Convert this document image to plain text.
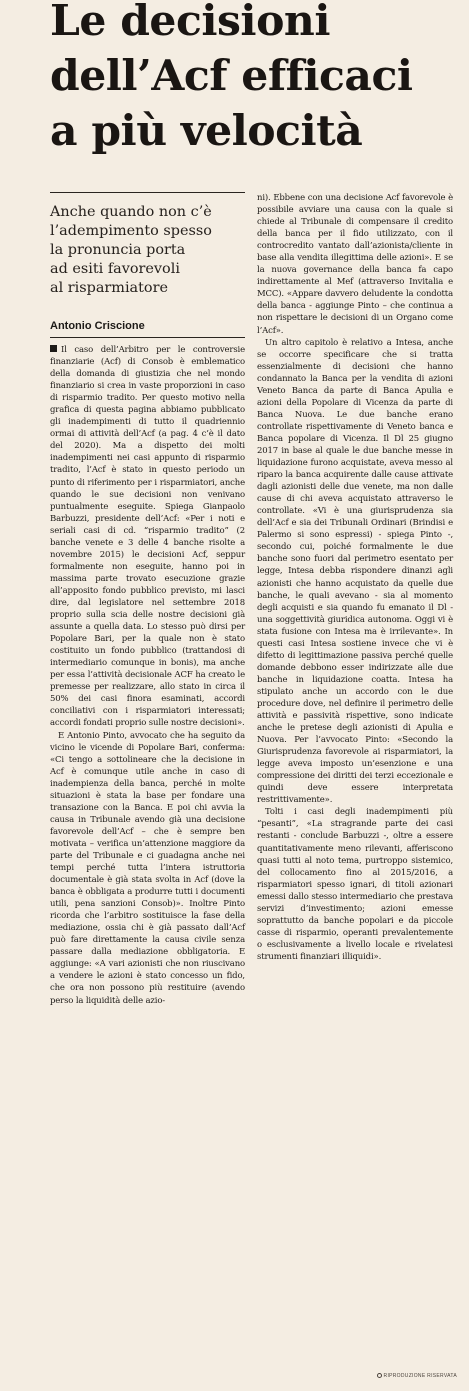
Le decisioni
dell’Acf efficaci
a più velocità
Anche quando non c’è
l’adempimento spesso
la pronuncia porta
ad esiti favorevoli
al risparmiatore
Antonio Criscione

Il caso dell’Arbitro per le controversie finanziarie (Acf) di Consob è emblematico della domanda di giustizia che nel mondo finanziario si crea in vaste proporzioni in caso di risparmio tradito. Per questo motivo nella grafica di questa pagina abbiamo pubblicato gli inadempimenti di tutto il quadriennio ormai di attività dell’Acf (a pag. 4 c’è il dato del 2020). Ma a dispetto dei molti inadempimenti nei casi appunto di risparmio tradito, l’Acf è stato in questo periodo un punto di riferimento per i risparmiatori, anche quando le sue decisioni non venivano puntualmente eseguite. Spiega Gianpaolo Barbuzzi, presidente dell’Acf: «Per i noti e seriali casi di cd. “risparmio tradito” (2 banche venete e 3 delle 4 banche risolte a novembre 2015) le decisioni Acf, seppur formalmente non eseguite, hanno poi in massima parte trovato esecuzione grazie all’apposito fondo pubblico previsto, mi lasci dire, dal legislatore nel settembre 2018 proprio sulla scia delle nostre decisioni già assunte a quella data. Lo stesso può dirsi per Popolare Bari, per la quale non è stato costituito un fondo pubblico (trattandosi di intermediario comunque in bonis), ma anche per essa l’attività decisionale ACF ha creato le premesse per realizzare, allo stato in circa il 50% dei casi finora esaminati, accordi conciliativi con i risparmiatori interessati; accordi fondati proprio sulle nostre decisioni».

E Antonio Pinto, avvocato che ha seguito da vicino le vicende di Popolare Bari, conferma: «Ci tengo a sottolineare che la decisione in Acf è comunque utile anche in caso di inadempienza della banca, perché in molte situazioni è stata la base per fondare una transazione con la Banca. E poi chi avvia la causa in Tribunale avendo già una decisione favorevole dell’Acf – che è sempre ben motivata – verifica un’attenzione maggiore da parte del Tribunale e ci guadagna anche nei tempi perché tutta l’intera istruttoria documentale è già stata svolta in Acf (dove la banca è obbligata a produrre tutti i documenti utili, pena sanzioni Consob)». Inoltre Pinto ricorda che l’arbitro sostituisce la fase della mediazione, ossia chi è già passato dall’Acf può fare direttamente la causa civile senza passare dalla mediazione obbligatoria. E aggiunge: «A vari azionisti che non riuscivano a vendere le azioni è stato concesso un fido, che ora non possono più restituire (avendo perso la liquidità delle azio-

ni). Ebbene con una decisione Acf favorevole è possibile avviare una causa con la quale si chiede al Tribunale di compensare il credito della banca per il fido utilizzato, con il controcredito vantato dall’azionista/cliente in base alla vendita illegittima delle azioni». E se la nuova governance della banca fa capo indirettamente al Mef (attraverso Invitalia e MCC). «Appare davvero deludente la condotta della banca - aggiunge Pinto – che continua a non rispettare le decisioni di un Organo come l’Acf».

Un altro capitolo è relativo a Intesa, anche se occorre specificare che si tratta essenzialmente di decisioni che hanno condannato la Banca per la vendita di azioni Veneto Banca da parte di Banca Apulia e azioni della Popolare di Vicenza da parte di Banca Nuova. Le due banche erano controllate rispettivamente di Veneto banca e Banca popolare di Vicenza. Il Dl 25 giugno 2017 in base al quale le due banche messe in liquidazione furono acquistate, aveva messo al riparo la banca acquirente dalle cause attivate dagli azionisti delle due venete, ma non dalle cause di chi aveva acquistato attraverso le controllate. «Vi è una giurisprudenza sia dell’Acf e sia dei Tribunali Ordinari (Brindisi e Palermo si sono espressi) - spiega Pinto -, secondo cui, poiché formalmente le due banche sono fuori dal perimetro esentato per legge, Intesa debba rispondere dinanzi agli azionisti che hanno acquistato da quelle due banche, le quali avevano - sia al momento degli acquisti e sia quando fu emanato il Dl - una soggettività giuridica autonoma. Oggi vi è stata fusione con Intesa ma è irrilevante». In questi casi Intesa sostiene invece che vi è difetto di legittimazione passiva perché quelle domande debbono esser indirizzate alle due banche in liquidazione coatta. Intesa ha stipulato anche un accordo con le due procedure dove, nel definire il perimetro delle attività e passività rispettive, sono indicate anche le pretese degli azionisti di Apulia e Nuova. Per l’avvocato Pinto: «Secondo la Giurisprudenza favorevole ai risparmiatori, la legge aveva imposto un’esenzione e una compressione dei diritti dei terzi eccezionale e quindi deve essere interpretata restrittivamente».

Tolti i casi degli inadempimenti più “pesanti”, «La stragrande parte dei casi restanti - conclude Barbuzzi -, oltre a essere quantitativamente meno rilevanti, afferiscono quasi tutti al noto tema, purtroppo sistemico, del collocamento fino al 2015/2016, a risparmiatori spesso ignari, di titoli azionari emessi dallo stesso intermediario che prestava servizi d’investimento; azioni emesse soprattutto da banche popolari e da piccole casse di risparmio, operanti prevalentemente o esclusivamente a livello locale e rivelatesi strumenti finanziari illiquidi».

RIPRODUZIONE RISERVATA
